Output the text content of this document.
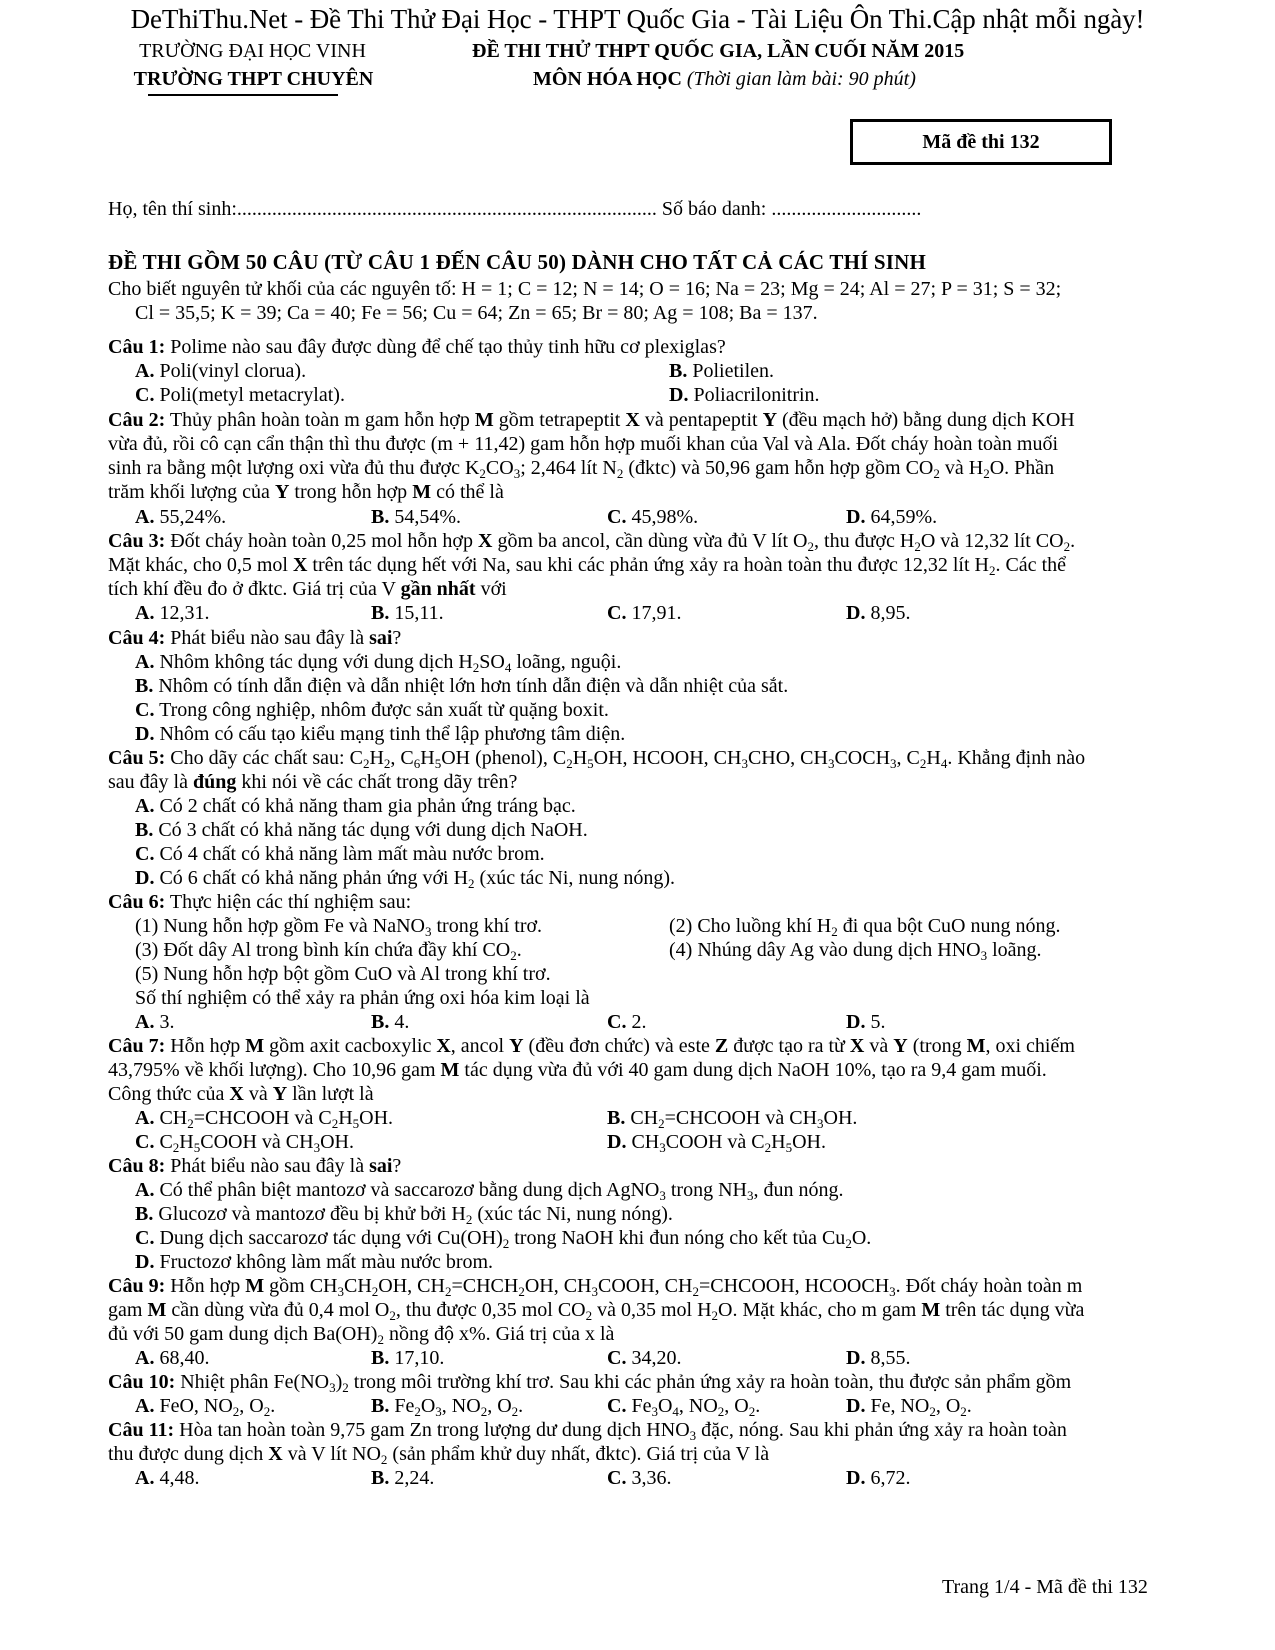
DeThiThu.Net - Đề Thi Thử Đại Học - THPT Quốc Gia - Tài Liệu Ôn Thi.Cập nhật mỗi ngày!
TRƯỜNG ĐẠI HỌC VINH
TRƯỜNG THPT CHUYÊN
ĐỀ THI THỬ THPT QUỐC GIA, LẦN CUỐI NĂM 2015
MÔN HÓA HỌC (Thời gian làm bài: 90 phút)
Mã đề thi 132
Họ, tên thí sinh:.................................................................................... Số báo danh: ..............................
ĐỀ THI GỒM 50 CÂU (TỪ CÂU 1 ĐẾN CÂU 50) DÀNH CHO TẤT CẢ CÁC THÍ SINH
Cho biết nguyên tử khối của các nguyên tố: H = 1; C = 12; N = 14; O = 16; Na = 23; Mg = 24; Al = 27; P = 31; S = 32;
Cl = 35,5; K = 39; Ca = 40; Fe = 56; Cu = 64; Zn = 65; Br = 80; Ag = 108; Ba = 137.
Câu 1: Polime nào sau đây được dùng để chế tạo thủy tinh hữu cơ plexiglas?
A. Poli(vinyl clorua).	B. Polietilen.
C. Poli(metyl metacrylat).	D. Poliacrilonitrin.
Câu 2: Thủy phân hoàn toàn m gam hỗn hợp M gồm tetrapeptit X và pentapeptit Y (đều mạch hở) bằng dung dịch KOH
vừa đủ, rồi cô cạn cẩn thận thì thu được (m + 11,42) gam hỗn hợp muối khan của Val và Ala. Đốt cháy hoàn toàn muối
sinh ra bằng một lượng oxi vừa đủ thu được $K_2CO_3$; 2,464 lít $N_2$ (đktc) và 50,96 gam hỗn hợp gồm $CO_2$ và $H_2O$. Phần
trăm khối lượng của Y trong hỗn hợp M có thể là
A. 55,24%.	B. 54,54%.	C. 45,98%.	D. 64,59%.
Câu 3: Đốt cháy hoàn toàn 0,25 mol hỗn hợp X gồm ba ancol, cần dùng vừa đủ V lít $O_2$, thu được $H_2O$ và 12,32 lít $CO_2$.
Mặt khác, cho 0,5 mol X trên tác dụng hết với Na, sau khi các phản ứng xảy ra hoàn toàn thu được 12,32 lít $H_2$. Các thể
tích khí đều đo ở đktc. Giá trị của V gần nhất với
A. 12,31.	B. 15,11.	C. 17,91.	D. 8,95.
Câu 4: Phát biểu nào sau đây là sai?
A. Nhôm không tác dụng với dung dịch $H_2SO_4$ loãng, nguội.
B. Nhôm có tính dẫn điện và dẫn nhiệt lớn hơn tính dẫn điện và dẫn nhiệt của sắt.
C. Trong công nghiệp, nhôm được sản xuất từ quặng boxit.
D. Nhôm có cấu tạo kiểu mạng tinh thể lập phương tâm diện.
Câu 5: Cho dãy các chất sau: $C_2H_2$, $C_6H_5OH$ (phenol), $C_2H_5OH$, HCOOH, $CH_3CHO$, $CH_3COCH_3$, $C_2H_4$. Khẳng định nào
sau đây là đúng khi nói về các chất trong dãy trên?
A. Có 2 chất có khả năng tham gia phản ứng tráng bạc.
B. Có 3 chất có khả năng tác dụng với dung dịch NaOH.
C. Có 4 chất có khả năng làm mất màu nước brom.
D. Có 6 chất có khả năng phản ứng với $H_2$ (xúc tác Ni, nung nóng).
Câu 6: Thực hiện các thí nghiệm sau:
(1) Nung hỗn hợp gồm Fe và NaNO$_3$ trong khí trơ.	(2) Cho luồng khí $H_2$ đi qua bột CuO nung nóng.
(3) Đốt dây Al trong bình kín chứa đầy khí $CO_2$.	(4) Nhúng dây Ag vào dung dịch $HNO_3$ loãng.
(5) Nung hỗn hợp bột gồm CuO và Al trong khí trơ.
Số thí nghiệm có thể xảy ra phản ứng oxi hóa kim loại là
A. 3.	B. 4.	C. 2.	D. 5.
Câu 7: Hỗn hợp M gồm axit cacboxylic X, ancol Y (đều đơn chức) và este Z được tạo ra từ X và Y (trong M, oxi chiếm
43,795% về khối lượng). Cho 10,96 gam M tác dụng vừa đủ với 40 gam dung dịch NaOH 10%, tạo ra 9,4 gam muối.
Công thức của X và Y lần lượt là
A. $CH_2=CHCOOH$ và $C_2H_5OH$.	B. $CH_2=CHCOOH$ và $CH_3OH$.
C. $C_2H_5COOH$ và $CH_3OH$.	D. $CH_3COOH$ và $C_2H_5OH$.
Câu 8: Phát biểu nào sau đây là sai?
A. Có thể phân biệt mantozơ và saccarozơ bằng dung dịch AgNO$_3$ trong $NH_3$, đun nóng.
B. Glucozơ và mantozơ đều bị khử bởi $H_2$ (xúc tác Ni, nung nóng).
C. Dung dịch saccarozơ tác dụng với $Cu(OH)_2$ trong NaOH khi đun nóng cho kết tủa $Cu_2O$.
D. Fructozơ không làm mất màu nước brom.
Câu 9: Hỗn hợp M gồm $CH_3CH_2OH$, $CH_2=CHCH_2OH$, $CH_3COOH$, $CH_2=CHCOOH$, $HCOOCH_3$. Đốt cháy hoàn toàn m
gam M cần dùng vừa đủ 0,4 mol $O_2$, thu được 0,35 mol $CO_2$ và 0,35 mol $H_2O$. Mặt khác, cho m gam M trên tác dụng vừa
đủ với 50 gam dung dịch $Ba(OH)_2$ nồng độ x%. Giá trị của x là
A. 68,40.	B. 17,10.	C. 34,20.	D. 8,55.
Câu 10: Nhiệt phân $Fe(NO_3)_2$ trong môi trường khí trơ. Sau khi các phản ứng xảy ra hoàn toàn, thu được sản phẩm gồm
A. FeO, $NO_2$, $O_2$.	B. $Fe_2O_3$, $NO_2$, $O_2$.	C. $Fe_3O_4$, $NO_2$, $O_2$.	D. Fe, $NO_2$, $O_2$.
Câu 11: Hòa tan hoàn toàn 9,75 gam Zn trong lượng dư dung dịch $HNO_3$ đặc, nóng. Sau khi phản ứng xảy ra hoàn toàn
thu được dung dịch X và V lít $NO_2$ (sản phẩm khử duy nhất, đktc). Giá trị của V là
A. 4,48.	B. 2,24.	C. 3,36.	D. 6,72.
Trang 1/4 - Mã đề thi 132
